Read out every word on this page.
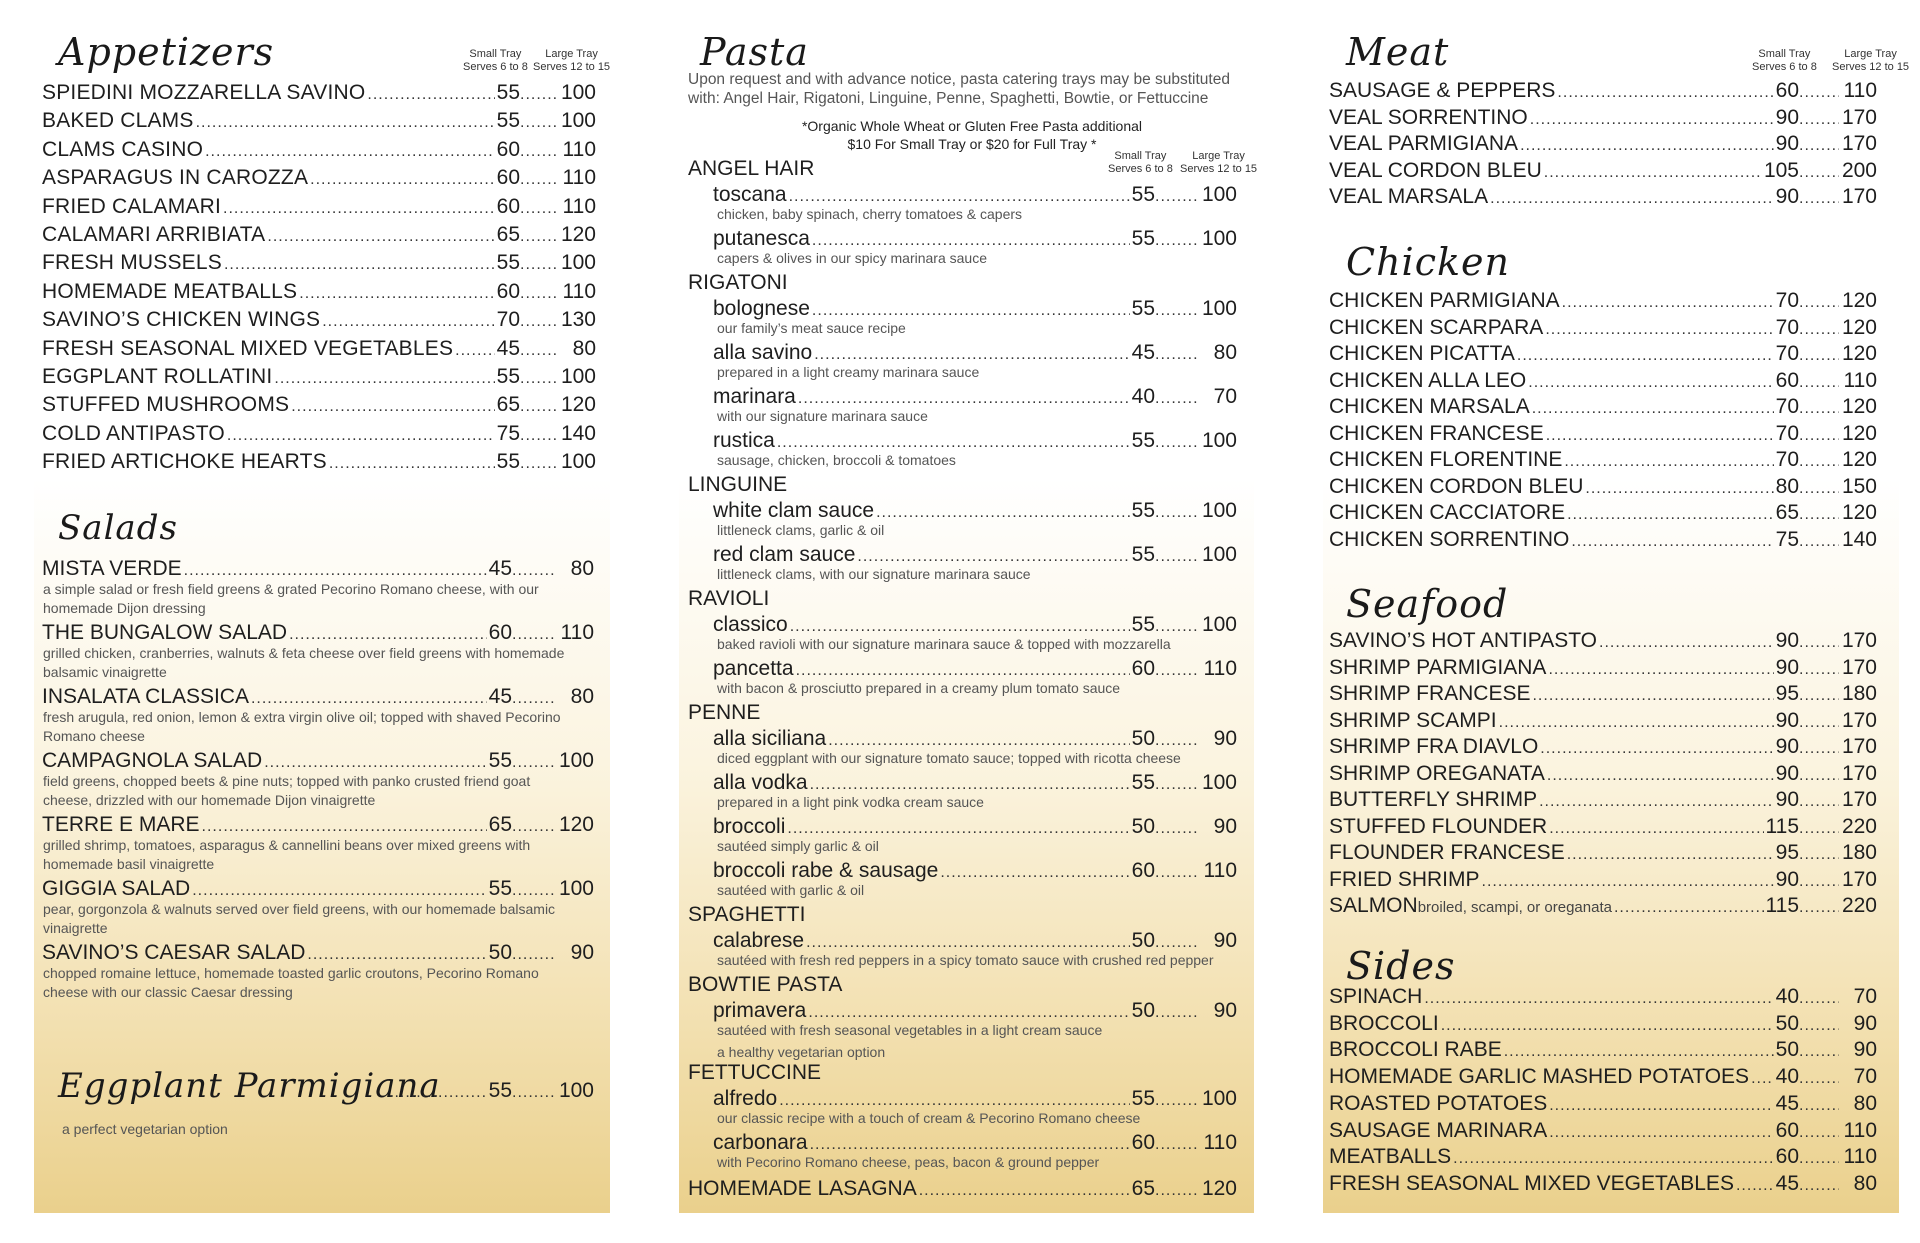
Appetizers	Small Tray
Serves 6 to 8
Large Tray
Serves 12 to 15
SPIEDINI MOZZARELLA SAVINO .....	55 ..... 100
BAKED CLAMS .....	55 ..... 100
CLAMS CASINO .....	60 ..... 110
ASPARAGUS IN CAROZZA .....	60 ..... 110
FRIED CALAMARI .....	60 ..... 110
CALAMARI ARRIBIATA .....	65 ..... 120
FRESH MUSSELS .....	55 ..... 100
HOMEMADE MEATBALLS .....	60 ..... 110
SAVINO’S CHICKEN WINGS .....	70 ..... 130
FRESH SEASONAL MIXED VEGETABLES ..... 45 .....	80
EGGPLANT ROLLATINI .....	55 ..... 100
STUFFED MUSHROOMS .....	65 ..... 120
COLD ANTIPASTO .....	75 ..... 140
FRIED ARTICHOKE HEARTS .....	55 ..... 100
Salads
MISTA VERDE .....	45 .....	80
a simple salad or fresh field greens & grated Pecorino Romano cheese, with our homemade Dijon dressing
THE BUNGALOW SALAD .....	60 ..... 110
grilled chicken, cranberries, walnuts & feta cheese over field greens with homemade balsamic vinaigrette
INSALATA CLASSICA .....	45 .....	80
fresh arugula, red onion, lemon & extra virgin olive oil; topped with shaved Pecorino Romano cheese
CAMPAGNOLA SALAD .....	55 ..... 100
field greens, chopped beets & pine nuts; topped with panko crusted friend goat cheese, drizzled with our homemade Dijon vinaigrette
TERRE E MARE .....	65 ..... 120
grilled shrimp, tomatoes, asparagus & cannellini beans over mixed greens with homemade basil vinaigrette
GIGGIA SALAD .....	55 ..... 100
pear, gorgonzola & walnuts served over field greens, with our homemade balsamic vinaigrette
SAVINO’S CAESAR SALAD .....	50 .....	90
chopped romaine lettuce, homemade toasted garlic croutons, Pecorino Romano cheese with our classic Caesar dressing
Eggplant Parmigiana ..... 55 ..... 100
a perfect vegetarian option
Pasta
Upon request and with advance notice, pasta catering trays may be substituted with: Angel Hair, Rigatoni, Linguine, Penne, Spaghetti, Bowtie, or Fettuccine
*Organic Whole Wheat or Gluten Free Pasta additional
$10 For Small Tray or $20 for Full Tray *
Small Tray
Serves 6 to 8
Large Tray
Serves 12 to 15
ANGEL HAIR
toscana .....	55 ..... 100
chicken, baby spinach, cherry tomatoes & capers
putanesca .....	55 ..... 100
capers & olives in our spicy marinara sauce
RIGATONI
bolognese .....	55 ..... 100
our family’s meat sauce recipe
alla savino .....	45 .....	80
prepared in a light creamy marinara sauce
marinara .....	40 .....	70
with our signature marinara sauce
rustica .....	55 ..... 100
sausage, chicken, broccoli & tomatoes
LINGUINE
white clam sauce .....	55 ..... 100
littleneck clams, garlic & oil
red clam sauce .....	55 ..... 100
littleneck clams, with our signature marinara sauce
RAVIOLI
classico .....	55 ..... 100
baked ravioli with our signature marinara sauce & topped with mozzarella
pancetta .....	60 ..... 110
with bacon & prosciutto prepared in a creamy plum tomato sauce
PENNE
alla siciliana .....	50 .....	90
diced eggplant with our signature tomato sauce; topped with ricotta cheese
alla vodka .....	55 ..... 100
prepared in a light pink vodka cream sauce
broccoli .....	50 .....	90
sautéed simply garlic & oil
broccoli rabe & sausage .....	60 ..... 110
sautéed with garlic & oil
SPAGHETTI
calabrese .....	50 .....	90
sautéed with fresh red peppers in a spicy tomato sauce with crushed red pepper
BOWTIE PASTA
primavera .....	50 .....	90
sautéed with fresh seasonal vegetables in a light cream sauce
a healthy vegetarian option
FETTUCCINE
alfredo .....	55 ..... 100
our classic recipe with a touch of cream & Pecorino Romano cheese
carbonara .....	60 ..... 110
with Pecorino Romano cheese, peas, bacon & ground pepper
HOMEMADE LASAGNA .....	65 ..... 120
Meat	Small Tray
Serves 6 to 8
Large Tray
Serves 12 to 15
SAUSAGE & PEPPERS .....	60 ..... 110
VEAL SORRENTINO .....	90 ..... 170
VEAL PARMIGIANA .....	90 ..... 170
VEAL CORDON BLEU .....	105 ..... 200
VEAL MARSALA .....	90 ..... 170
Chicken
CHICKEN PARMIGIANA .....	70 ..... 120
CHICKEN SCARPARA .....	70 ..... 120
CHICKEN PICATTA .....	70 ..... 120
CHICKEN ALLA LEO .....	60 ..... 110
CHICKEN MARSALA .....	70 ..... 120
CHICKEN FRANCESE .....	70 ..... 120
CHICKEN FLORENTINE .....	70 ..... 120
CHICKEN CORDON BLEU .....	80 ..... 150
CHICKEN CACCIATORE .....	65 ..... 120
CHICKEN SORRENTINO .....	75 ..... 140
Seafood
SAVINO’S HOT ANTIPASTO .....	90 ..... 170
SHRIMP PARMIGIANA .....	90 ..... 170
SHRIMP FRANCESE .....	95 ..... 180
SHRIMP SCAMPI .....	90 ..... 170
SHRIMP FRA DIAVLO .....	90 ..... 170
SHRIMP OREGANATA .....	90 ..... 170
BUTTERFLY SHRIMP .....	90 ..... 170
STUFFED FLOUNDER .....	115 ..... 220
FLOUNDER FRANCESE .....	95 ..... 180
FRIED SHRIMP .....	90 ..... 170
SALMON broiled, scampi, or oreganata .....	115 ..... 220
Sides
SPINACH .....	40 .....	70
BROCCOLI .....	50 .....	90
BROCCOLI RABE .....	50 .....	90
HOMEMADE GARLIC MASHED POTATOES ..... 40 .....	70
ROASTED POTATOES .....	45 .....	80
SAUSAGE MARINARA .....	60 ..... 110
MEATBALLS .....	60 ..... 110
FRESH SEASONAL MIXED VEGETABLES ..... 45 .....	80
